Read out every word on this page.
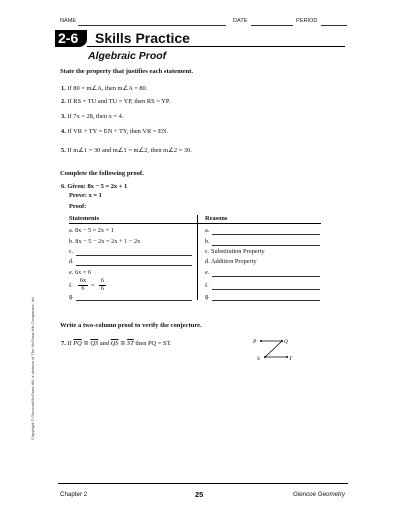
NAME	DATE	PERIOD
2-6 Skills Practice
Algebraic Proof
State the property that justifies each statement.
1. If 80 = m∠A, then m∠A = 80.
2. If RS = TU and TU = YP, then RS = YP.
3. If 7x = 28, then x = 4.
4. If VR + TY = EN + TY, then VR = EN.
5. If m∠1 = 30 and m∠1 = m∠2, then m∠2 = 30.
Complete the following proof.
6. Given: 8x − 5 = 2x + 1
Prove: x = 1
Proof:
Statements	Reasons
a. 8x − 5 = 2x + 1	a.
b. 8x − 5 − 2x = 2x + 1 − 2x	b.
c.	c. Substitution Property
d.	d. Addition Property
e. 6x = 6	e.
f. $\frac{6x}{6} = \frac{6}{6}$	f.
g.	g.
Write a two-column proof to verify the conjecture.
7. If $\overline{PQ}$ ≅ $\overline{QS}$ and $\overline{QS}$ ≅ $\overline{ST}$ then PQ = ST.	P	Q
S	T
Copyright © Glencoe/McGraw-Hill, a division of The McGraw-Hill Companies, Inc.
Chapter 2	25	Glencoe Geometry
